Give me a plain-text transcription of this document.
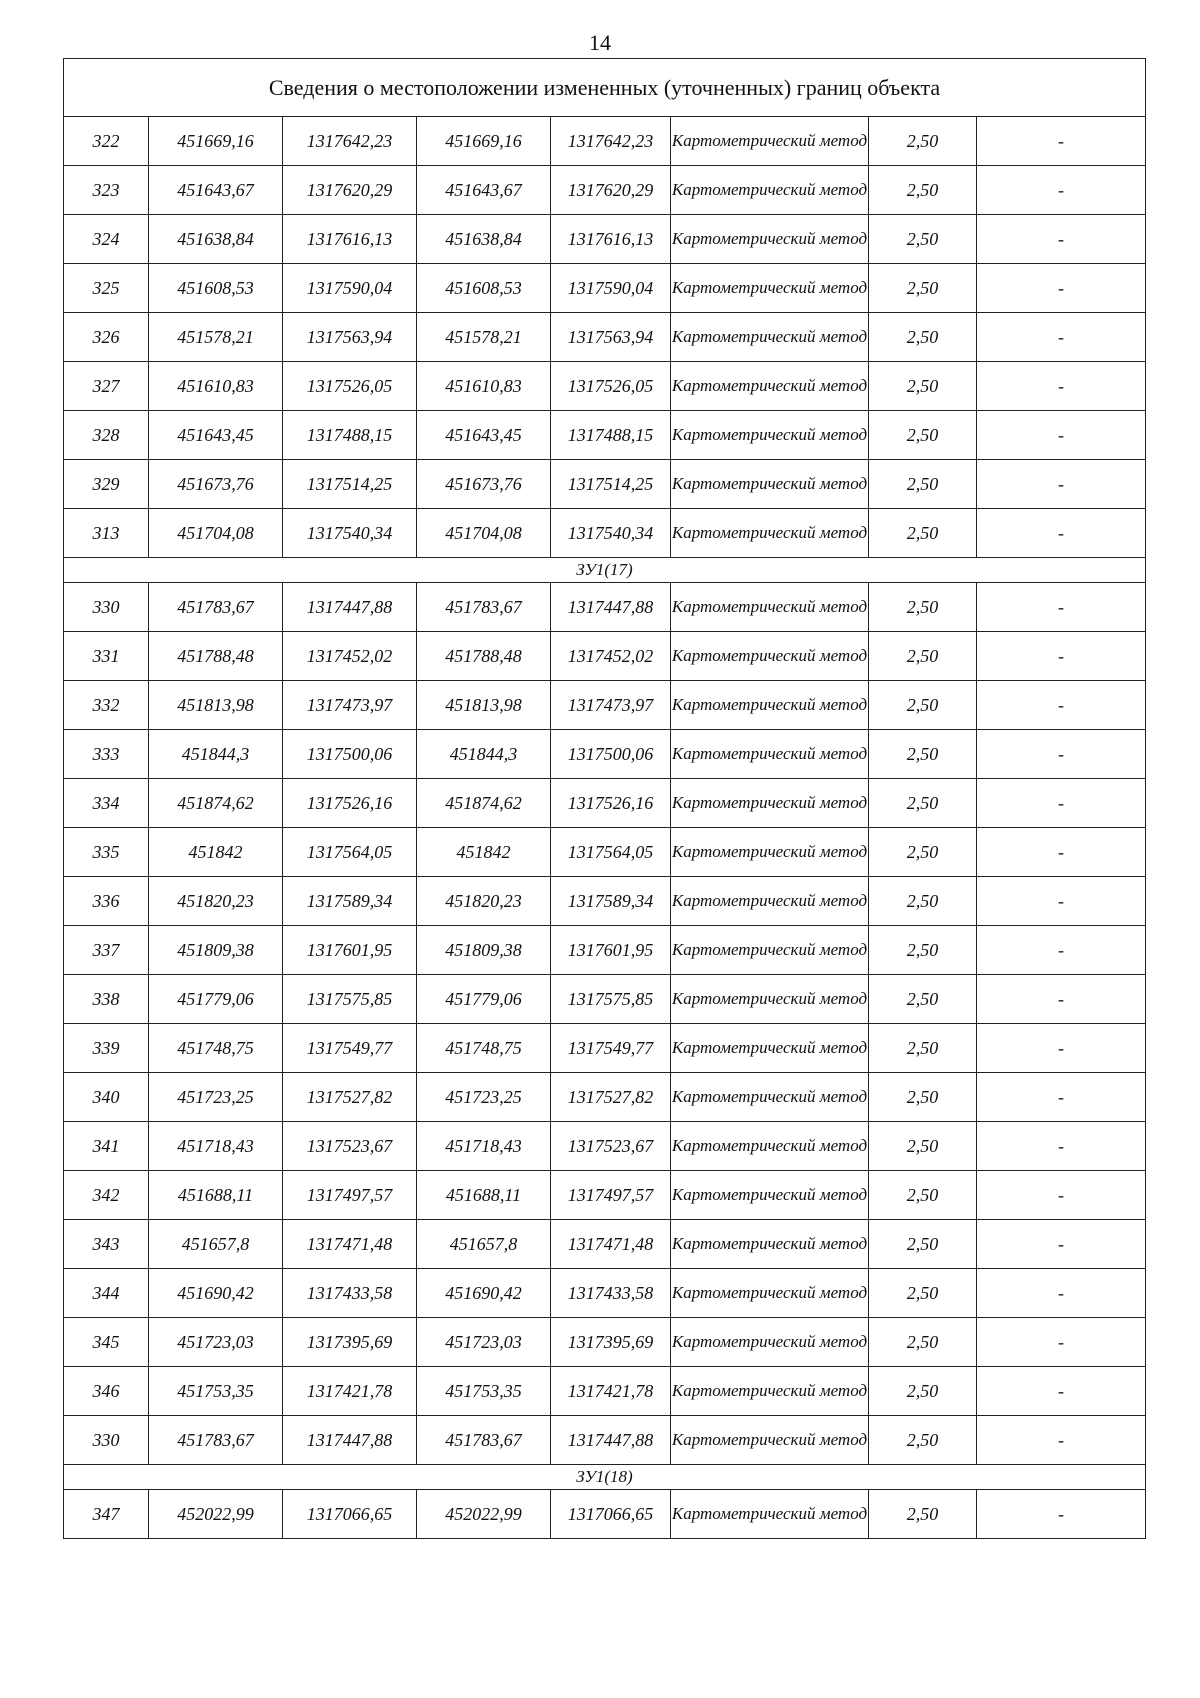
14
Сведения о местоположении измененных (уточненных) границ объекта							
322	451669,16	1317642,23	451669,16	1317642,23	Картометрический метод	2,50	-
323	451643,67	1317620,29	451643,67	1317620,29	Картометрический метод	2,50	-
324	451638,84	1317616,13	451638,84	1317616,13	Картометрический метод	2,50	-
325	451608,53	1317590,04	451608,53	1317590,04	Картометрический метод	2,50	-
326	451578,21	1317563,94	451578,21	1317563,94	Картометрический метод	2,50	-
327	451610,83	1317526,05	451610,83	1317526,05	Картометрический метод	2,50	-
328	451643,45	1317488,15	451643,45	1317488,15	Картометрический метод	2,50	-
329	451673,76	1317514,25	451673,76	1317514,25	Картометрический метод	2,50	-
313	451704,08	1317540,34	451704,08	1317540,34	Картометрический метод	2,50	-
ЗУ1(17)							
330	451783,67	1317447,88	451783,67	1317447,88	Картометрический метод	2,50	-
331	451788,48	1317452,02	451788,48	1317452,02	Картометрический метод	2,50	-
332	451813,98	1317473,97	451813,98	1317473,97	Картометрический метод	2,50	-
333	451844,3	1317500,06	451844,3	1317500,06	Картометрический метод	2,50	-
334	451874,62	1317526,16	451874,62	1317526,16	Картометрический метод	2,50	-
335	451842	1317564,05	451842	1317564,05	Картометрический метод	2,50	-
336	451820,23	1317589,34	451820,23	1317589,34	Картометрический метод	2,50	-
337	451809,38	1317601,95	451809,38	1317601,95	Картометрический метод	2,50	-
338	451779,06	1317575,85	451779,06	1317575,85	Картометрический метод	2,50	-
339	451748,75	1317549,77	451748,75	1317549,77	Картометрический метод	2,50	-
340	451723,25	1317527,82	451723,25	1317527,82	Картометрический метод	2,50	-
341	451718,43	1317523,67	451718,43	1317523,67	Картометрический метод	2,50	-
342	451688,11	1317497,57	451688,11	1317497,57	Картометрический метод	2,50	-
343	451657,8	1317471,48	451657,8	1317471,48	Картометрический метод	2,50	-
344	451690,42	1317433,58	451690,42	1317433,58	Картометрический метод	2,50	-
345	451723,03	1317395,69	451723,03	1317395,69	Картометрический метод	2,50	-
346	451753,35	1317421,78	451753,35	1317421,78	Картометрический метод	2,50	-
330	451783,67	1317447,88	451783,67	1317447,88	Картометрический метод	2,50	-
ЗУ1(18)							
347	452022,99	1317066,65	452022,99	1317066,65	Картометрический метод	2,50	-
